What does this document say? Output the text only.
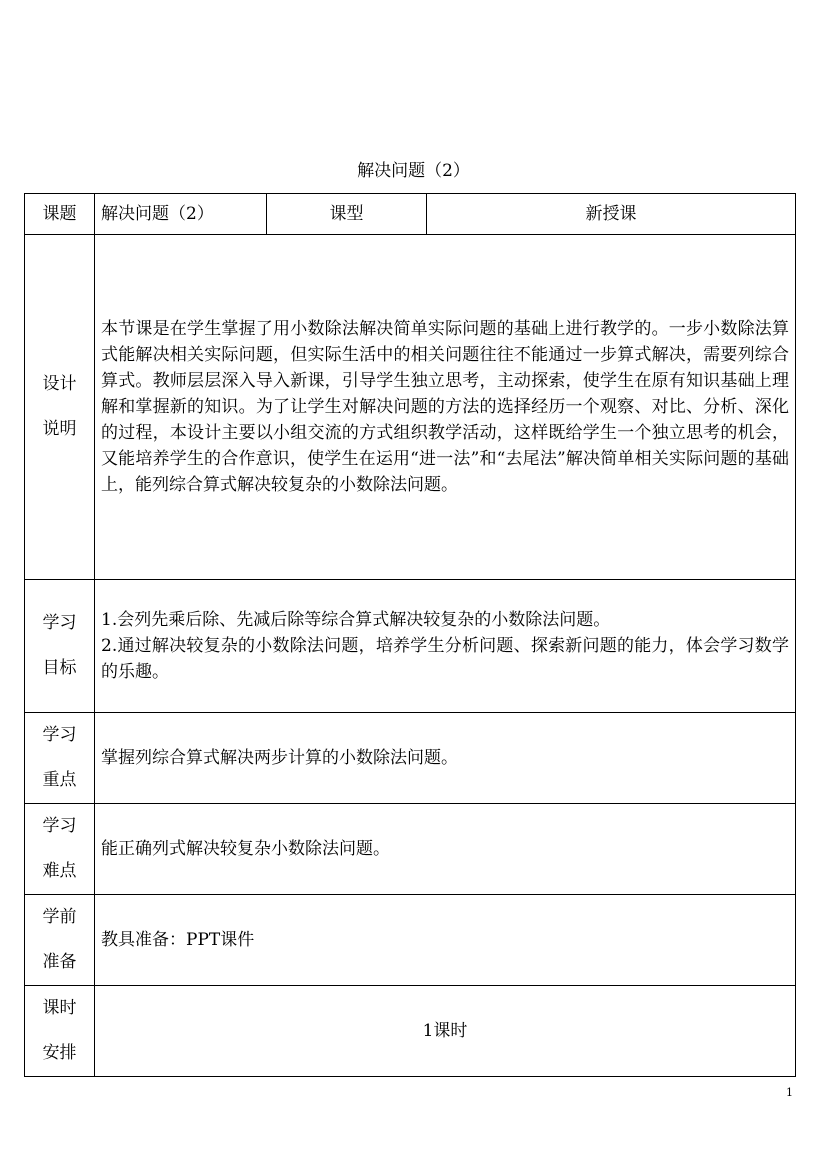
解决问题（2）
课题	解决问题（2）	课型	新授课
设计说明	本节课是在学生掌握了用小数除法解决简单实际问题的基础上进行教学的。一步小数除法算式能解决相关实际问题，但实际生活中的相关问题往往不能通过一步算式解决，需要列综合算式。教师层层深入导入新课，引导学生独立思考，主动探索，使学生在原有知识基础上理解和掌握新的知识。为了让学生对解决问题的方法的选择经历一个观察、对比、分析、深化的过程，本设计主要以小组交流的方式组织教学活动，这样既给学生一个独立思考的机会，又能培养学生的合作意识，使学生在运用“进一法”和“去尾法”解决简单相关实际问题的基础上，能列综合算式解决较复杂的小数除法问题。		
学习目标	1.会列先乘后除、先减后除等综合算式解决较复杂的小数除法问题。
2.通过解决较复杂的小数除法问题，培养学生分析问题、探索新问题的能力，体会学习数学的乐趣。		

学习重点	掌握列综合算式解决两步计算的小数除法问题。		
学习难点	能正确列式解决较复杂小数除法问题。		
学前准备	教具准备：PPT课件		
课时安排	1课时		
1
